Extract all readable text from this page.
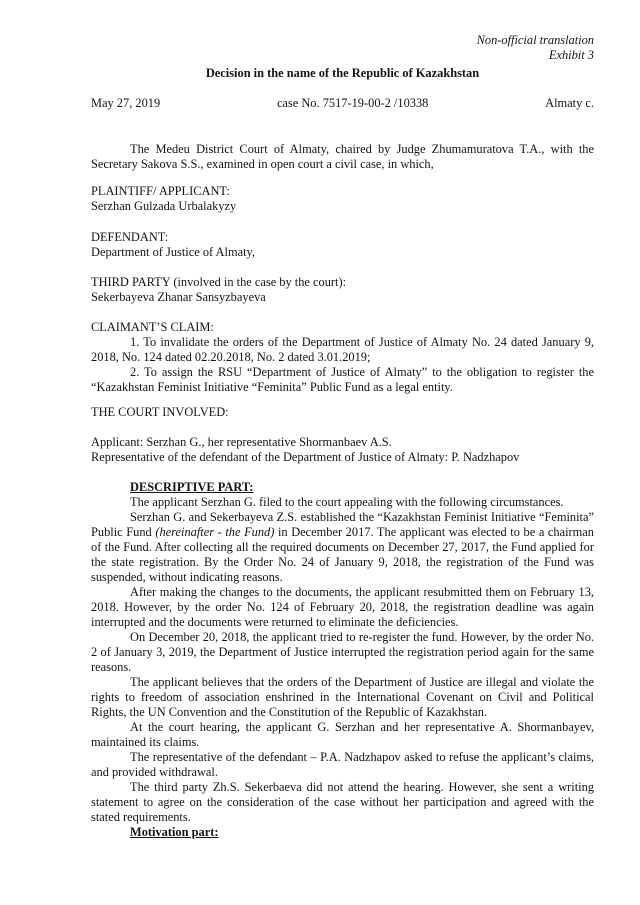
Non-official translation
Exhibit 3
Decision in the name of the Republic of Kazakhstan
May 27, 2019	case No. 7517-19-00-2 /10338	Almaty c.

The Medeu District Court of Almaty, chaired by Judge Zhumamuratova T.A., with the Secretary Sakova S.S., examined in open court a civil case, in which,

PLAINTIFF/ APPLICANT:
Serzhan Gulzada Urbalakyzy
DEFENDANT:
Department of Justice of Almaty,
THIRD PARTY (involved in the case by the court):
Sekerbayeva Zhanar Sansyzbayeva
CLAIMANT’S CLAIM:

1. To invalidate the orders of the Department of Justice of Almaty No. 24 dated January 9, 2018, No. 124 dated 02.20.2018, No. 2 dated 3.01.2019;

2. To assign the RSU “Department of Justice of Almaty” to the obligation to register the “Kazakhstan Feminist Initiative “Feminita” Public Fund as a legal entity.

THE COURT INVOLVED:
Applicant: Serzhan G., her representative Shormanbaev A.S.
Representative of the defendant of the Department of Justice of Almaty: P. Nadzhapov
DESCRIPTIVE PART:

The applicant Serzhan G. filed to the court appealing with the following circumstances.

Serzhan G. and Sekerbayeva Z.S. established the “Kazakhstan Feminist Initiative “Feminita” Public Fund (hereinafter - the Fund) in December 2017. The applicant was elected to be a chairman of the Fund. After collecting all the required documents on December 27, 2017, the Fund applied for the state registration. By the Order No. 24 of January 9, 2018, the registration of the Fund was suspended, without indicating reasons.

After making the changes to the documents, the applicant resubmitted them on February 13, 2018. However, by the order No. 124 of February 20, 2018, the registration deadline was again interrupted and the documents were returned to eliminate the deficiencies.

On December 20, 2018, the applicant tried to re-register the fund. However, by the order No. 2 of January 3, 2019, the Department of Justice interrupted the registration period again for the same reasons.

The applicant believes that the orders of the Department of Justice are illegal and violate the rights to freedom of association enshrined in the International Covenant on Civil and Political Rights, the UN Convention and the Constitution of the Republic of Kazakhstan.

At the court hearing, the applicant G. Serzhan and her representative A. Shormanbayev, maintained its claims.

The representative of the defendant – P.A. Nadzhapov asked to refuse the applicant’s claims, and provided withdrawal.

The third party Zh.S. Sekerbaeva did not attend the hearing. However, she sent a writing statement to agree on the consideration of the case without her participation and agreed with the stated requirements.

Motivation part:
